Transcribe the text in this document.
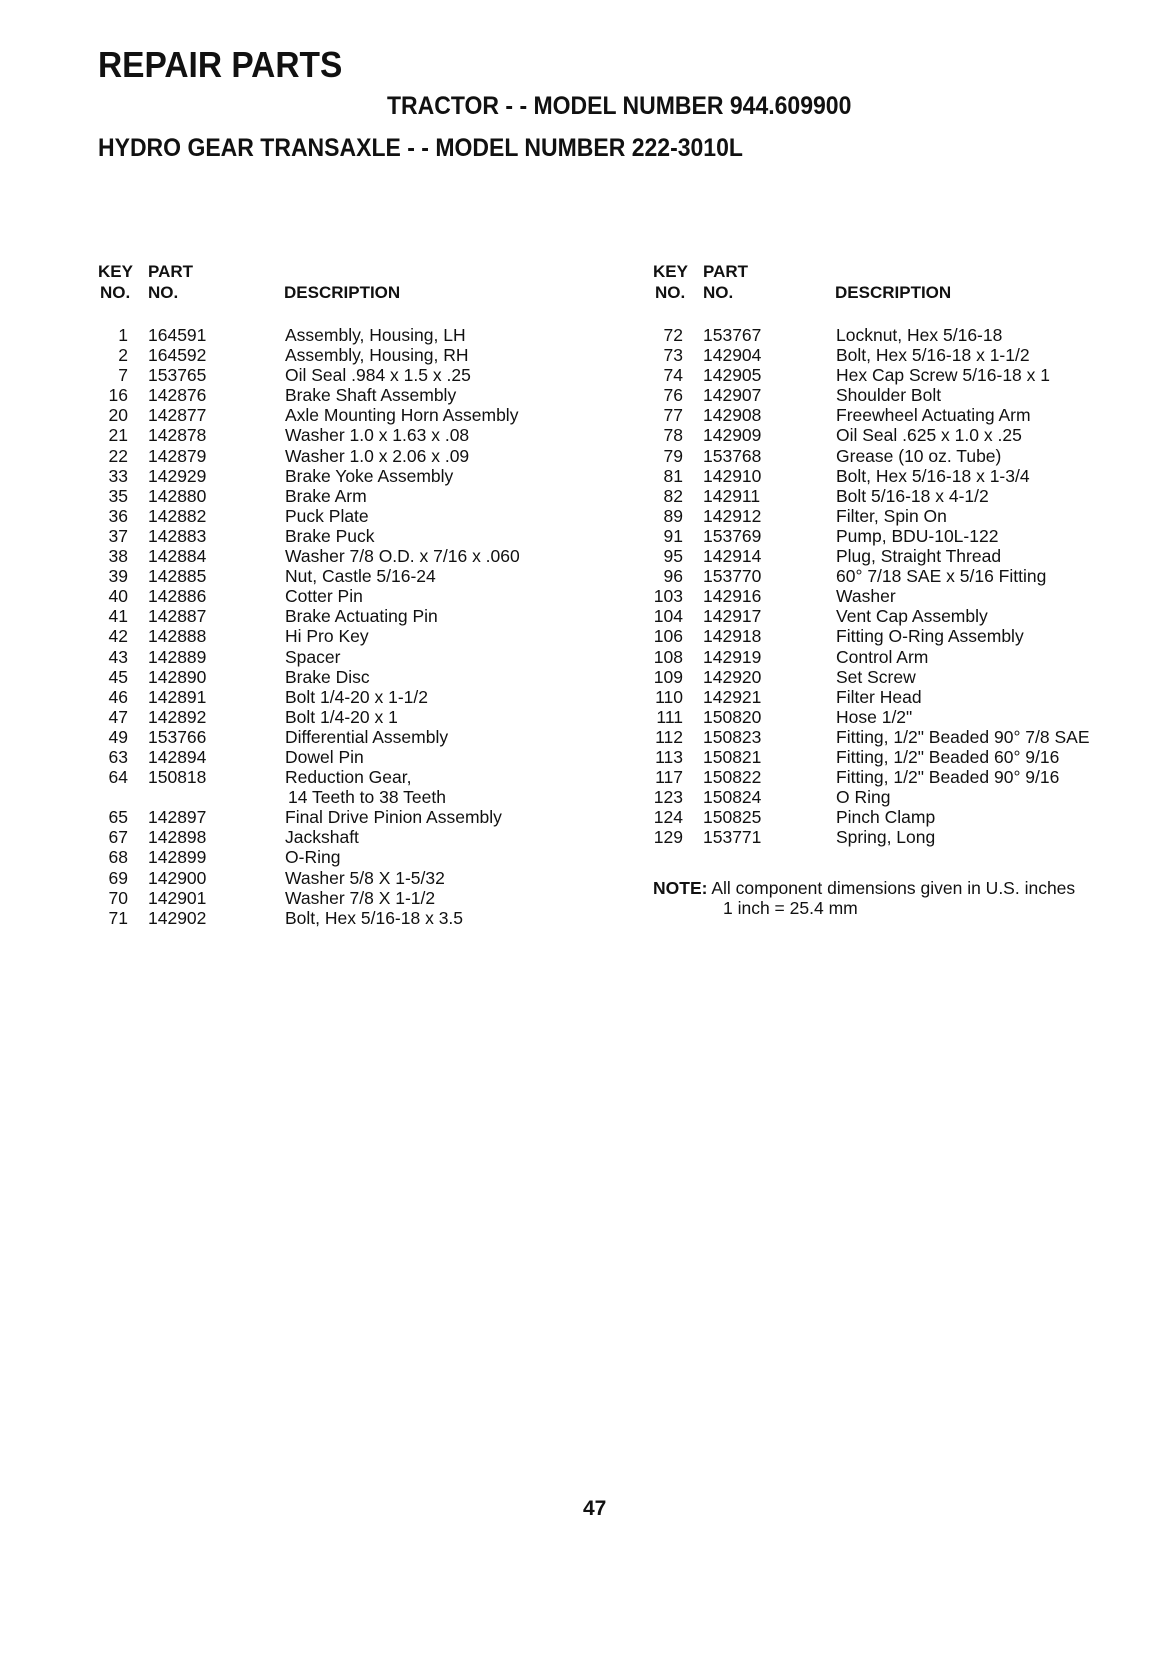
REPAIR PARTS
TRACTOR - - MODEL NUMBER 944.609900
HYDRO GEAR TRANSAXLE - - MODEL NUMBER 222-3010L
KEY PART
NO. NO.	DESCRIPTION
1 164591	Assembly, Housing, LH
2 164592	Assembly, Housing, RH
7 153765	Oil Seal .984 x 1.5 x .25
16 142876	Brake Shaft Assembly
20 142877	Axle Mounting Horn Assembly
21 142878	Washer 1.0 x 1.63 x .08
22 142879	Washer 1.0 x 2.06 x .09
33 142929	Brake Yoke Assembly
35 142880	Brake Arm
36 142882	Puck Plate
37 142883	Brake Puck
38 142884	Washer 7/8 O.D. x 7/16 x .060
39 142885	Nut, Castle 5/16-24
40 142886	Cotter Pin
41 142887	Brake Actuating Pin
42 142888	Hi Pro Key
43 142889	Spacer
45 142890	Brake Disc
46 142891	Bolt 1/4-20 x 1-1/2
47 142892	Bolt 1/4-20 x 1
49 153766	Differential Assembly
63 142894	Dowel Pin
64 150818	Reduction Gear,
14 Teeth to 38 Teeth
65 142897	Final Drive Pinion Assembly
67 142898	Jackshaft
68 142899	O-Ring
69 142900	Washer 5/8 X 1-5/32
70 142901	Washer 7/8 X 1-1/2
71 142902	Bolt, Hex 5/16-18 x 3.5
KEY PART
NO. NO.	DESCRIPTION
72 153767	Locknut, Hex 5/16-18
73 142904	Bolt, Hex 5/16-18 x 1-1/2
74 142905	Hex Cap Screw 5/16-18 x 1
76 142907	Shoulder Bolt
77 142908	Freewheel Actuating Arm
78 142909	Oil Seal .625 x 1.0 x .25
79 153768	Grease (10 oz. Tube)
81 142910	Bolt, Hex 5/16-18 x 1-3/4
82 142911	Bolt 5/16-18 x 4-1/2
89 142912	Filter, Spin On
91 153769	Pump, BDU-10L-122
95 142914	Plug, Straight Thread
96 153770	60° 7/18 SAE x 5/16 Fitting
103 142916	Washer
104 142917	Vent Cap Assembly
106 142918	Fitting O-Ring Assembly
108 142919	Control Arm
109 142920	Set Screw
110 142921	Filter Head
111 150820	Hose 1/2"
112 150823	Fitting, 1/2" Beaded 90° 7/8 SAE
113 150821	Fitting, 1/2" Beaded 60° 9/16
117 150822	Fitting, 1/2" Beaded 90° 9/16
123 150824	O Ring
124 150825	Pinch Clamp
129 153771	Spring, Long
NOTE: All component dimensions given in U.S. inches
1 inch = 25.4 mm
47
